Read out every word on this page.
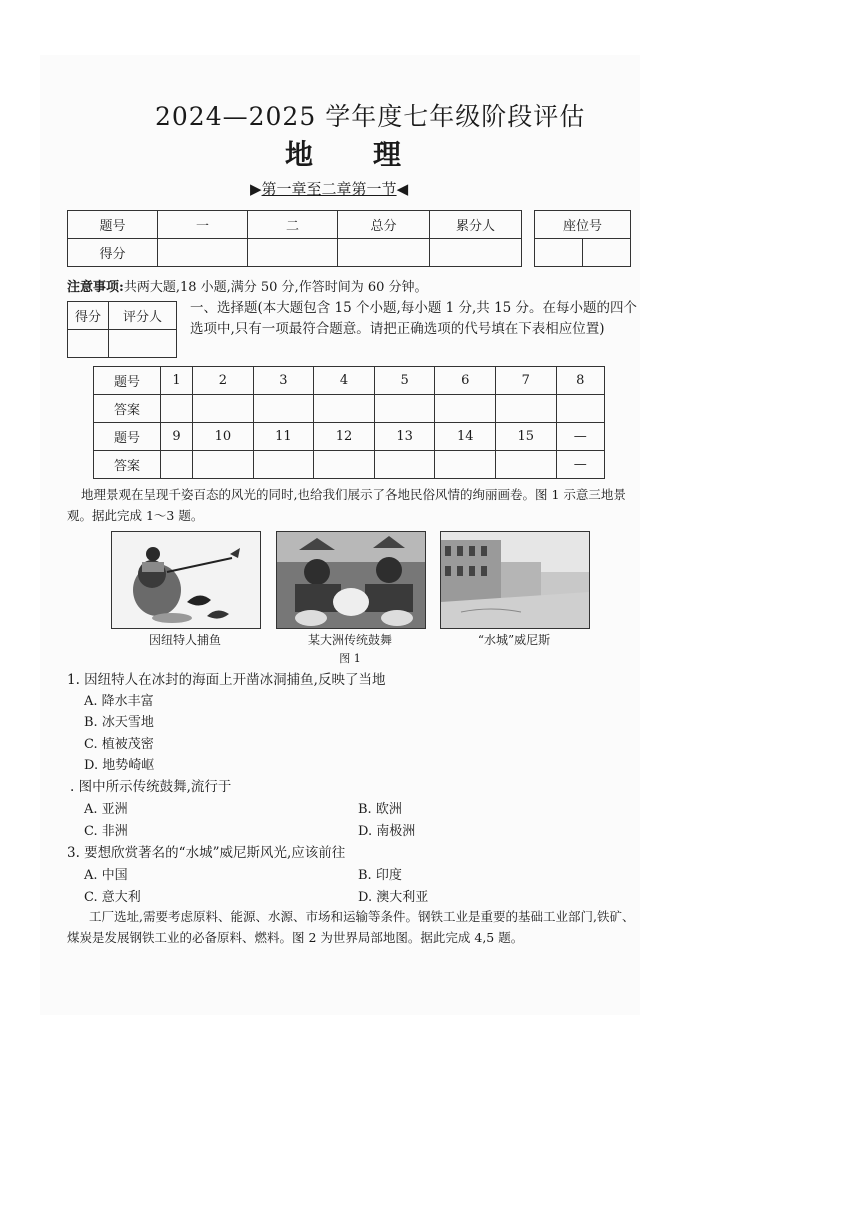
2024—2025 学年度七年级阶段评估
地理
▶第一章至二章第一节◀
题号	一	二	总分	累分人
得分				
座位号

注意事项:共两大题,18 小题,满分 50 分,作答时间为 60 分钟。
得分	评分人

一、选择题(本大题包含 15 个小题,每小题 1 分,共 15 分。在每小题的四个选项中,只有一项最符合题意。请把正确选项的代号填在下表相应位置)
题号	1	2	3	4	5	6	7	8
答案								
题号	9	10	11	12	13	14	15	—
答案								—
地理景观在呈现千姿百态的风光的同时,也给我们展示了各地民俗风情的绚丽画卷。图 1 示意三地景观。据此完成 1～3 题。
因纽特人捕鱼	某大洲传统鼓舞	“水城”威尼斯
图 1
1. 因纽特人在冰封的海面上开凿冰洞捕鱼,反映了当地
A. 降水丰富
B. 冰天雪地
C. 植被茂密
D. 地势崎岖
. 图中所示传统鼓舞,流行于
A. 亚洲	B. 欧洲
C. 非洲	D. 南极洲
3. 要想欣赏著名的“水城”威尼斯风光,应该前往
A. 中国	B. 印度
C. 意大利	D. 澳大利亚
工厂选址,需要考虑原料、能源、水源、市场和运输等条件。钢铁工业是重要的基础工业部门,铁矿、煤炭是发展钢铁工业的必备原料、燃料。图 2 为世界局部地图。据此完成 4,5 题。
